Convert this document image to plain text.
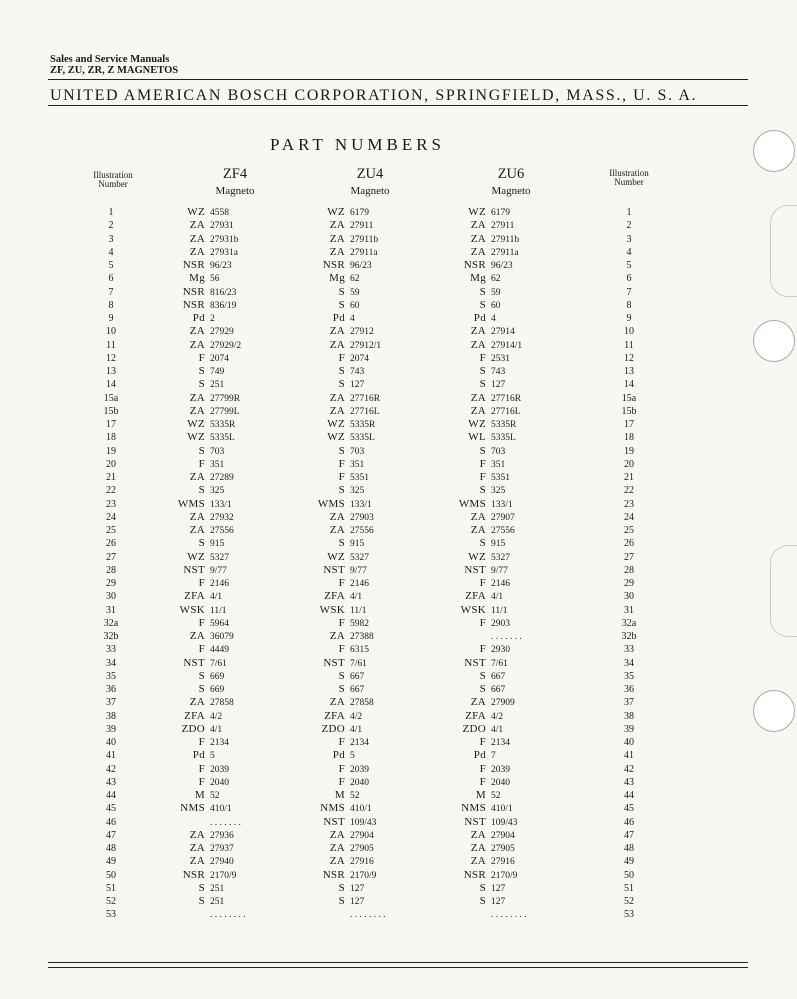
Sales and Service Manuals
ZF, ZU, ZR, Z MAGNETOS
UNITED AMERICAN BOSCH CORPORATION, SPRINGFIELD, MASS., U. S. A.
PART NUMBERS
Illustration
Number
Illustration
Number
ZF4
Magneto
ZU4
Magneto
ZU6
Magneto
1	WZ 4558	WZ 6179	WZ 6179	1
2	ZA 27931	ZA 27911	ZA 27911	2
3	ZA 27931b	ZA 27911b	ZA 27911b	3
4	ZA 27931a	ZA 27911a	ZA 27911a	4
5	NSR 96/23	NSR 96/23	NSR 96/23	5
6	Mg 56	Mg 62	Mg 62	6
7	NSR 816/23	S 59	S 59	7
8	NSR 836/19	S 60	S 60	8
9	Pd 2	Pd 4	Pd 4	9
10	ZA 27929	ZA 27912	ZA 27914	10
11	ZA 27929/2	ZA 27912/1	ZA 27914/1	11
12	F 2074	F 2074	F 2531	12
13	S 749	S 743	S 743	13
14	S 251	S 127	S 127	14
15a	ZA 27799R	ZA 27716R	ZA 27716R	15a
15b	ZA 27799L	ZA 27716L	ZA 27716L	15b
17	WZ 5335R	WZ 5335R	WZ 5335R	17
18	WZ 5335L	WZ 5335L	WL 5335L	18
19	S 703	S 703	S 703	19
20	F 351	F 351	F 351	20
21	ZA 27289	F 5351	F 5351	21
22	S 325	S 325	S 325	22
23	WMS 133/1	WMS 133/1	WMS 133/1	23
24	ZA 27932	ZA 27903	ZA 27907	24
25	ZA 27556	ZA 27556	ZA 27556	25
26	S 915	S 915	S 915	26
27	WZ 5327	WZ 5327	WZ 5327	27
28	NST 9/77	NST 9/77	NST 9/77	28
29	F 2146	F 2146	F 2146	29
30	ZFA 4/1	ZFA 4/1	ZFA 4/1	30
31	WSK 11/1	WSK 11/1	WSK 11/1	31
32a	F 5964	F 5982	F 2903	32a
32b	ZA 36079	ZA 27388	. . . . . . .	32b
33	F 4449	F 6315	F 2930	33
34	NST 7/61	NST 7/61	NST 7/61	34
35	S 669	S 667	S 667	35
36	S 669	S 667	S 667	36
37	ZA 27858	ZA 27858	ZA 27909	37
38	ZFA 4/2	ZFA 4/2	ZFA 4/2	38
39	ZDO 4/1	ZDO 4/1	ZDO 4/1	39
40	F 2134	F 2134	F 2134	40
41	Pd 5	Pd 5	Pd 7	41
42	F 2039	F 2039	F 2039	42
43	F 2040	F 2040	F 2040	43
44	M 52	M 52	M 52	44
45	NMS 410/1	NMS 410/1	NMS 410/1	45
46	. . . . . . .	NST 109/43	NST 109/43	46
47	ZA 27936	ZA 27904	ZA 27904	47
48	ZA 27937	ZA 27905	ZA 27905	48
49	ZA 27940	ZA 27916	ZA 27916	49
50	NSR 2170/9	NSR 2170/9	NSR 2170/9	50
51	S 251	S 127	S 127	51
52	S 251	S 127	S 127	52
53	. . . . . . . .	. . . . . . . .	. . . . . . . .	53
